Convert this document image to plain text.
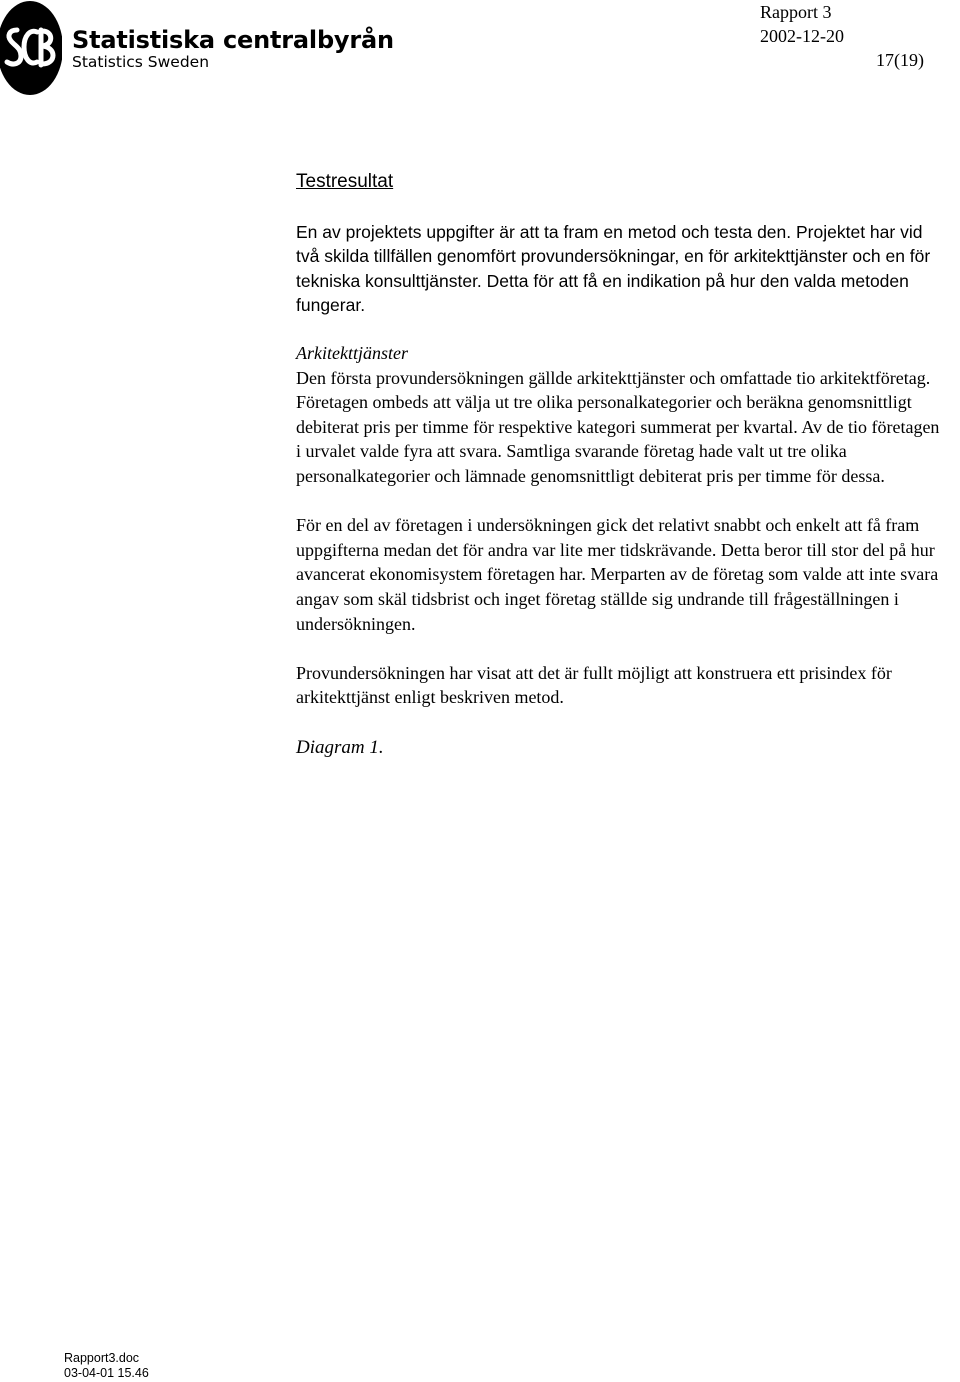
Statistiska centralbyrån
Statistics Sweden
Rapport 3
2002-12-20
17(19)
Testresultat

En av projektets uppgifter är att ta fram en metod och testa den. Projektet har vid två skilda tillfällen genomfört provundersökningar, en för arkitekttjänster och en för tekniska konsulttjänster. Detta för att få en indikation på hur den valda metoden fungerar.

Arkitekttjänster

Den första provundersökningen gällde arkitekttjänster och omfattade tio arkitektföretag. Företagen ombeds att välja ut tre olika personalkategorier och beräkna genomsnittligt debiterat pris per timme för respektive kategori summerat per kvartal. Av de tio företagen i urvalet valde fyra att svara. Samtliga svarande företag hade valt ut tre olika personalkategorier och lämnade genomsnittligt debiterat pris per timme för dessa.

För en del av företagen i undersökningen gick det relativt snabbt och enkelt att få fram uppgifterna medan det för andra var lite mer tidskrävande. Detta beror till stor del på hur avancerat ekonomisystem företagen har. Merparten av de företag som valde att inte svara angav som skäl tidsbrist och inget företag ställde sig undrande till frågeställningen i undersökningen.

Provundersökningen har visat att det är fullt möjligt att konstruera ett prisindex för arkitekttjänst enligt beskriven metod.

Diagram 1.

Rapport3.doc
03-04-01 15.46
